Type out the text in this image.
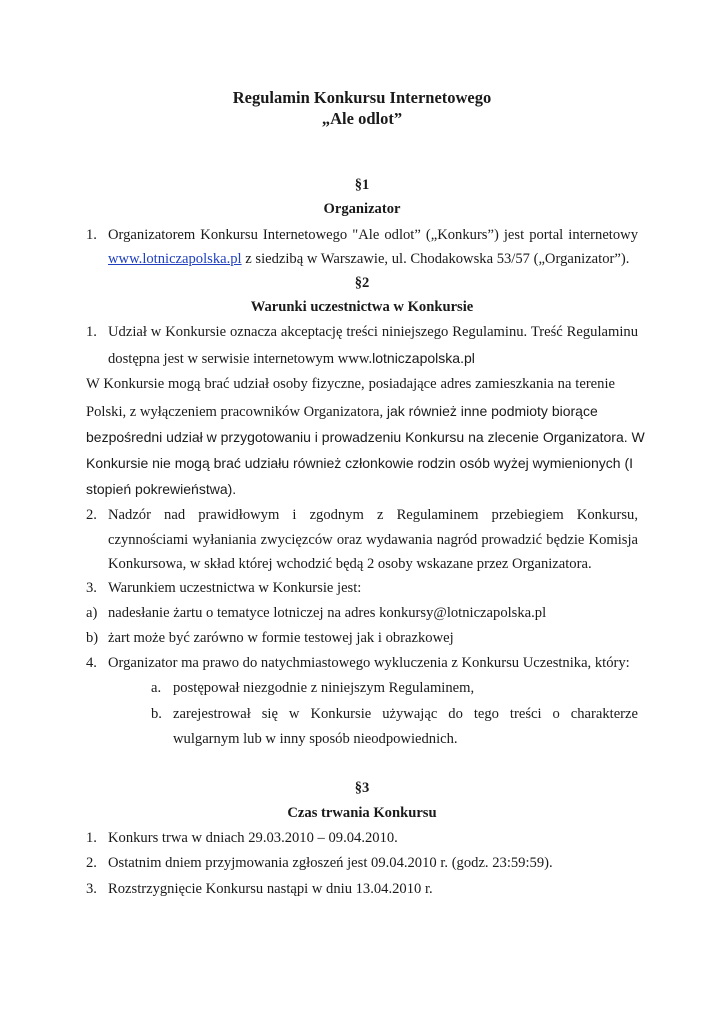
Regulamin Konkursu Internetowego
„Ale odlot”
§1
Organizator
1. Organizatorem Konkursu Internetowego "Ale odlot” („Konkurs”) jest portal internetowy
www.lotniczapolska.pl z siedzibą w Warszawie, ul. Chodakowska 53/57 („Organizator”).
§2
Warunki uczestnictwa w Konkursie
1. Udział w Konkursie oznacza akceptację treści niniejszego Regulaminu. Treść Regulaminu
dostępna jest w serwisie internetowym www.lotniczapolska.pl
W Konkursie mogą brać udział osoby fizyczne, posiadające adres zamieszkania na terenie
Polski, z wyłączeniem pracowników Organizatora, jak również inne podmioty biorące
bezpośredni udział w przygotowaniu i prowadzeniu Konkursu na zlecenie Organizatora. W
Konkursie nie mogą brać udziału również członkowie rodzin osób wyżej wymienionych (I
stopień pokrewieństwa).
2. Nadzór nad prawidłowym i zgodnym z Regulaminem przebiegiem Konkursu,
czynnościami wyłaniania zwycięzców oraz wydawania nagród prowadzić będzie Komisja
Konkursowa, w skład której wchodzić będą 2 osoby wskazane przez Organizatora.
3. Warunkiem uczestnictwa w Konkursie jest:
a) nadesłanie żartu o tematyce lotniczej na adres konkursy@lotniczapolska.pl
b) żart może być zarówno w formie testowej jak i obrazkowej
4. Organizator ma prawo do natychmiastowego wykluczenia z Konkursu Uczestnika, który:
a. postępował niezgodnie z niniejszym Regulaminem,
b. zarejestrował się w Konkursie używając do tego treści o charakterze
wulgarnym lub w inny sposób nieodpowiednich.
§3
Czas trwania Konkursu
1. Konkurs trwa w dniach 29.03.2010 – 09.04.2010.
2. Ostatnim dniem przyjmowania zgłoszeń jest 09.04.2010 r. (godz. 23:59:59).
3. Rozstrzygnięcie Konkursu nastąpi w dniu 13.04.2010 r.
